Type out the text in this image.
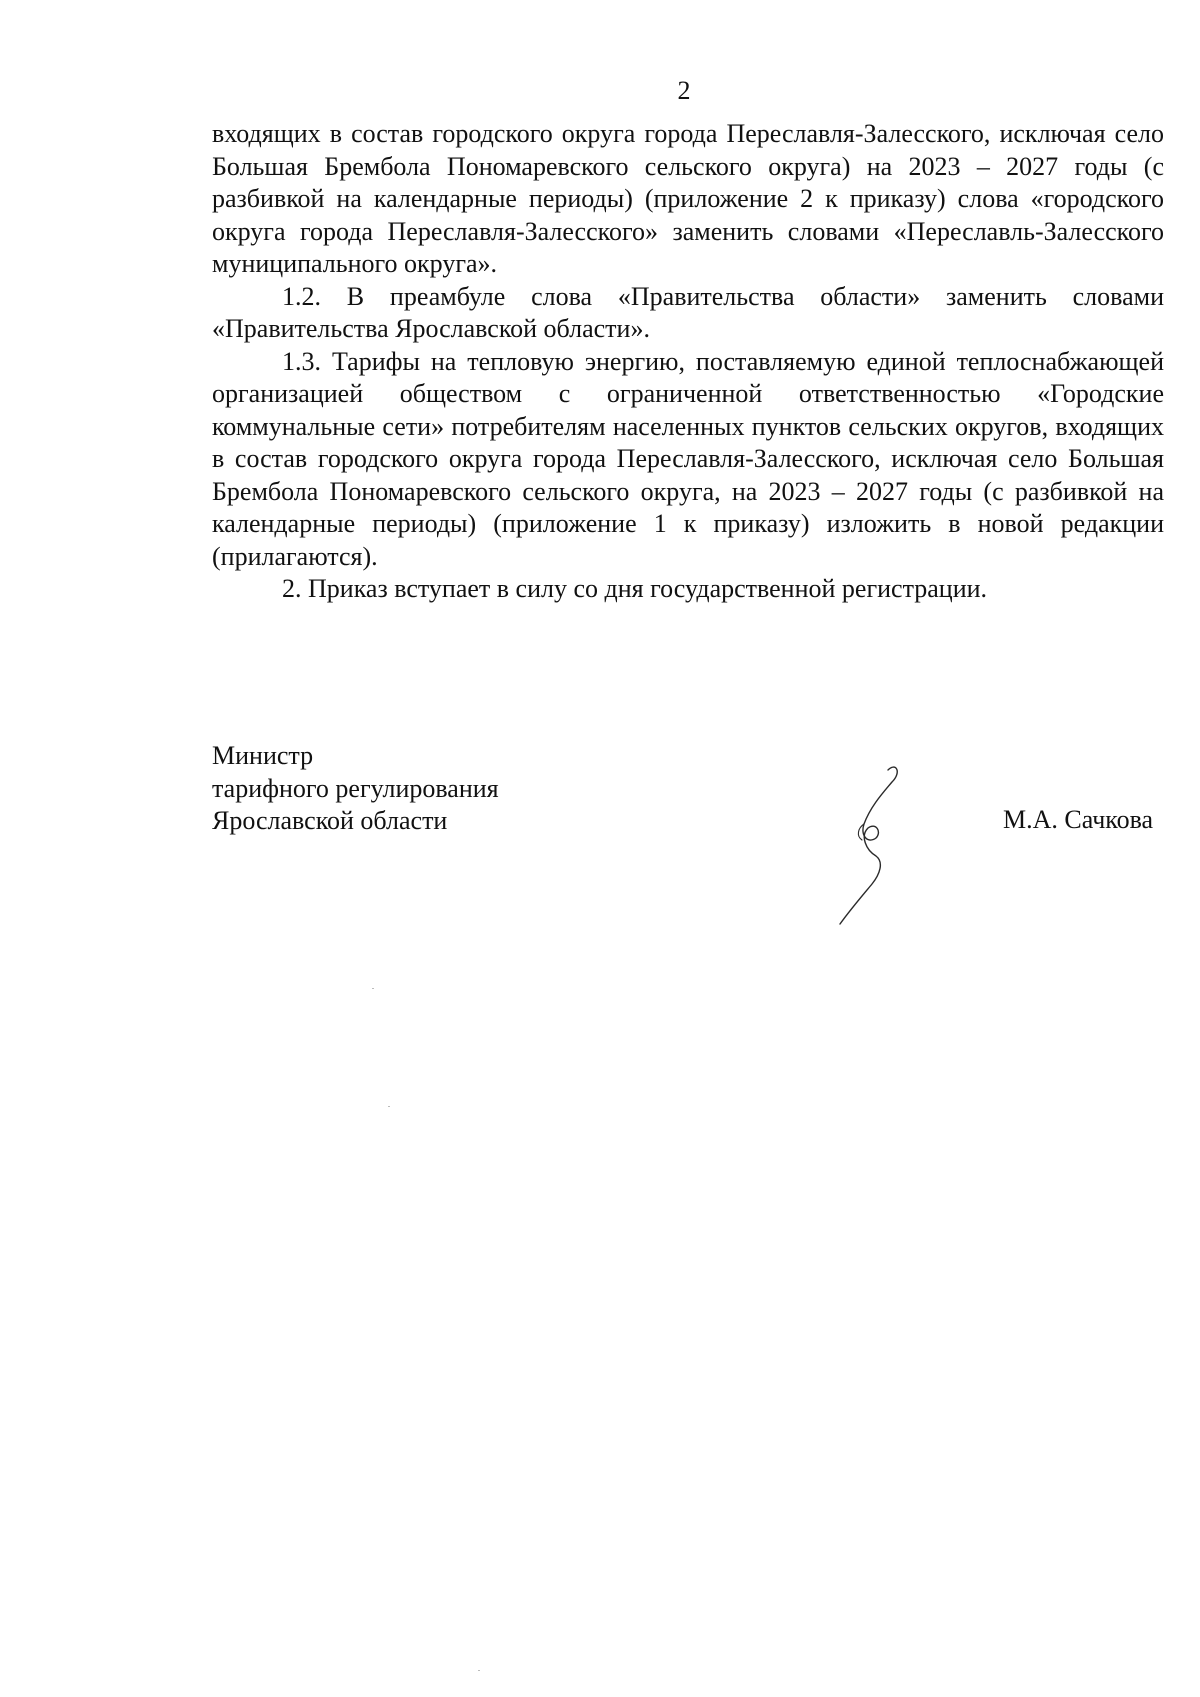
2

входящих в состав городского округа города Переславля-Залесского, исключая село Большая Брембола Пономаревского сельского округа) на 2023 – 2027 годы (с разбивкой на календарные периоды) (приложение 2 к приказу) слова «городского округа города Переславля-Залесского» заменить словами «Переславль-Залесского муниципального округа».

1.2. В преамбуле слова «Правительства области» заменить словами «Правительства Ярославской области».

1.3. Тарифы на тепловую энергию, поставляемую единой теплоснабжающей организацией обществом с ограниченной ответственностью «Городские коммунальные сети» потребителям населенных пунктов сельских округов, входящих в состав городского округа города Переславля-Залесского, исключая село Большая Брембола Пономаревского сельского округа, на 2023 – 2027 годы (с разбивкой на календарные периоды) (приложение 1 к приказу) изложить в новой редакции (прилагаются).

2. Приказ вступает в силу со дня государственной регистрации.

Министр
тарифного регулирования
Ярославской области	М.А. Сачкова
